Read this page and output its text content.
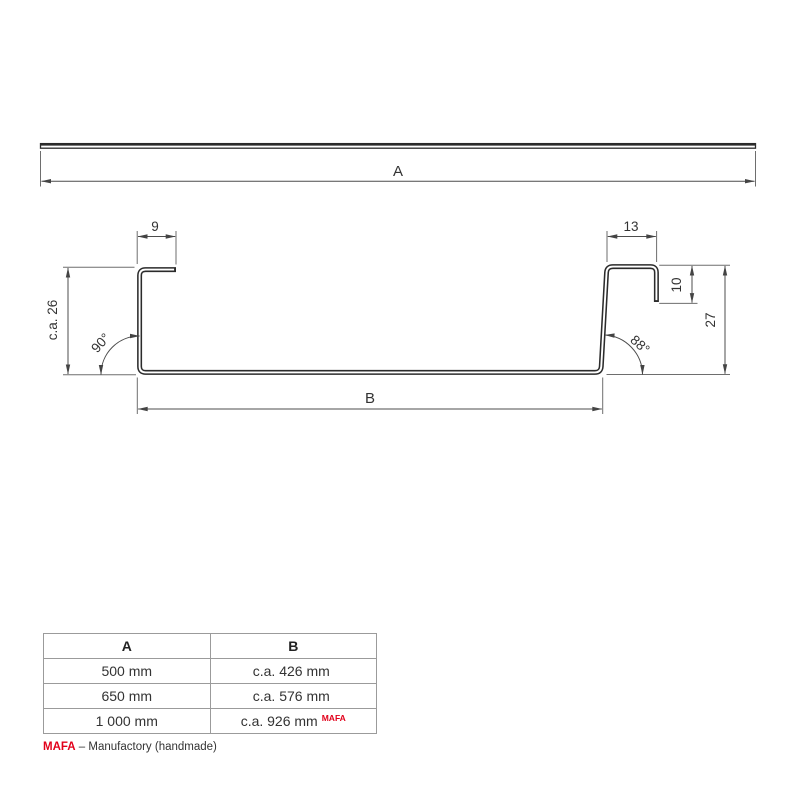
A
9	13
c.a. 26
90°	88°
10
27
B
A	B
500 mm	c.a. 426 mm
650 mm	c.a. 576 mm
1 000 mm	c.a. 926 mm $^{MAFA}$
MAFA – Manufactory (handmade)
